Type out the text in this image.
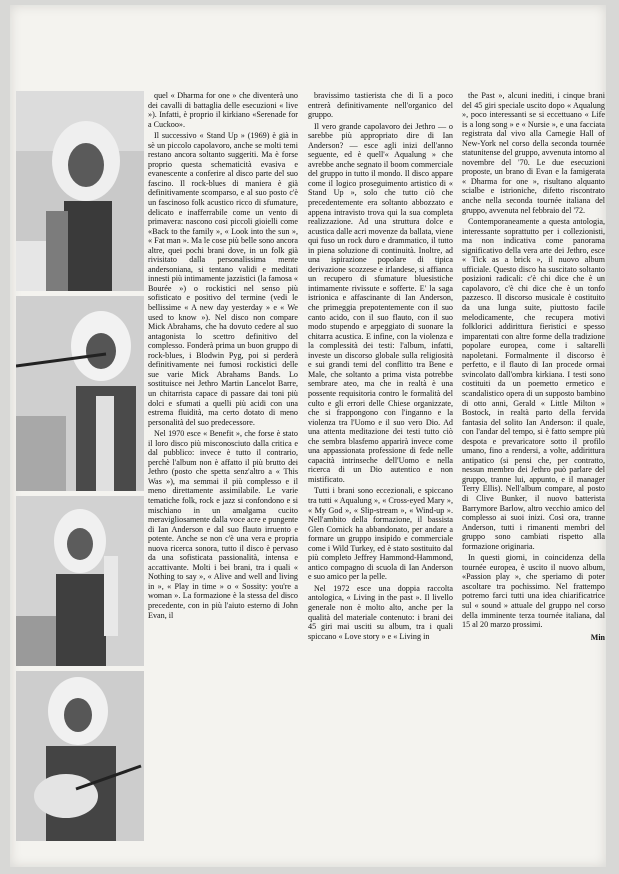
quel « Dharma for one » che diventerà uno dei cavalli di battaglia delle esecuzioni « live »). Infatti, è proprio il kirkiano «Serenade for a Cuckoo».

Il successivo « Stand Up » (1969) è già in sè un piccolo capolavoro, anche se molti temi restano ancora soltanto suggeriti. Ma è forse proprio questa schematicità evasiva e evanescente a conferire al disco parte del suo fascino. Il rock-blues di maniera è già definitivamente scomparso, e al suo posto c'è un fascinoso folk acustico ricco di sfumature, delicato e inafferrabile come un vento di primavera: nascono così piccoli gioielli come «Back to the family », « Look into the sun », « Fat man ». Ma le cose più belle sono ancora altre, quei pochi brani dove, in un folk già rivisitato dalla personalissima mente andersoniana, si tentano validi e meditati innesti più intimamente jazzistici (la famosa « Bourée ») o rockistici nel senso più sofisticato e positivo del termine (vedi le bellissime « A new day yesterday » e « We used to know »). Nel disco non compare Mick Abrahams, che ha dovuto cedere al suo antagonista lo scettro definitivo del complesso. Fonderà prima un buon gruppo di rock-blues, i Blodwin Pyg, poi si perderà definitivamente nei fumosi rockistici delle sue varie Mick Abrahams Bands. Lo sostituisce nei Jethro Martin Lancelot Barre, un chitarrista capace di passare dai toni più dolci e sfumati a quelli più acidi con una estrema fluidità, ma certo dotato di meno personalità del suo predecessore.

Nel 1970 esce « Benefit », che forse è stato il loro disco più misconosciuto dalla critica e dal pubblico: invece è tutto il contrario, perchè l'album non è affatto il più brutto dei Jethro (posto che spetta senz'altro a « This Was »), ma semmai il più complesso e il meno direttamente assimilabile. Le varie tematiche folk, rock e jazz si confondono e si mischiano in un amalgama cucito meravigliosamente dalla voce acre e pungente di Ian Anderson e dal suo flauto irruento e potente. Anche se non c'è una vera e propria nuova ricerca sonora, tutto il disco è pervaso da una sofisticata passionalità, intensa e accattivante. Molti i bei brani, tra i quali « Nothing to say », « Alive and well and living in », « Play in time » o « Sossity: you're a woman ». La formazione è la stessa del disco precedente, con in più l'aiuto esterno di John Evan, il

bravissimo tastierista che di lì a poco entrerà definitivamente nell'organico del gruppo.

Il vero grande capolavoro dei Jethro — o sarebbe più appropriato dire di Ian Anderson? — esce agli inizi dell'anno seguente, ed è quell'« Aqualung » che avrebbe anche segnato il boom commerciale del gruppo in tutto il mondo. Il disco appare come il logico proseguimento artistico di « Stand Up », solo che tutto ciò che precedentemente era soltanto abbozzato e appena intravisto trova qui la sua completa realizzazione. Ad una struttura dolce e acustica dalle acri movenze da ballata, viene qui fuso un rock duro e drammatico, il tutto in piena soluzione di continuità. Inoltre, ad una ispirazione popolare di tipica derivazione scozzese e irlandese, si affianca un recupero di sfumature bluesistiche intimamente rivissute e sofferte. E' la saga istrionica e affascinante di Ian Anderson, che primeggia prepotentemente con il suo canto acido, con il suo flauto, con il suo modo stupendo e arpeggiato di suonare la chitarra acustica. E infine, con la violenza e la complessità dei testi: l'album, infatti, investe un discorso globale sulla religiosità e sui grandi temi del conflitto tra Bene e Male, che soltanto a prima vista potrebbe sembrare ateo, ma che in realtà è una possente requisitoria contro le formalità del culto e gli errori delle Chiese organizzate, che si frappongono con l'inganno e la violenza tra l'Uomo e il suo vero Dio. Ad una attenta meditazione dei testi tutto ciò che sembra blasfemo apparirà invece come una appassionata professione di fede nelle capacità intrinseche dell'Uomo e nella ricerca di un Dio autentico e non mistificato.

Tutti i brani sono eccezionali, e spiccano tra tutti « Aqualung », « Cross-eyed Mary », « My God », « Slip-stream », « Wind-up ». Nell'ambito della formazione, il bassista Glen Cornick ha abbandonato, per andare a formare un gruppo insipido e commerciale come i Wild Turkey, ed è stato sostituito dal più completo Jeffrey Hammond-Hammond, antico compagno di scuola di Ian Anderson e suo amico per la pelle.

Nel 1972 esce una doppia raccolta antologica, « Living in the past ». Il livello generale non è molto alto, anche per la qualità del materiale contenuto: i brani dei 45 giri mai usciti su album, tra i quali spiccano « Love story » e « Living in

the Past », alcuni inediti, i cinque brani del 45 giri speciale uscito dopo « Aqualung », poco interessanti se si eccettuano « Life is a long song » e « Nursie », e una facciata registrata dal vivo alla Carnegie Hall of New-York nel corso della seconda tournée statunitense del gruppo, avvenuta intorno al novembre del '70. Le due esecuzioni proposte, un brano di Evan e la famigerata « Dharma for one », risultano alquanto scialbe e istrioniche, difetto riscontrato anche nella seconda tournée italiana del gruppo, avvenuta nel febbraio del '72.

Contemporaneamente a questa antologia, interessante soprattutto per i collezionisti, ma non indicativa come panorama significativo della vera arte dei Jethro, esce « Tick as a brick », il nuovo album ufficiale. Questo disco ha suscitato soltanto posizioni radicali: c'è chi dice che è un capolavoro, c'è chi dice che è un tonfo pazzesco. Il discorso musicale è costituito da una lunga suite, piuttosto facile melodicamente, che recupera motivi folklorici addirittura fieristici e spesso imparentati con altre forme della tradizione popolare europea, come i saltarelli napoletani. Formalmente il discorso è perfetto, e il flauto di Ian procede ormai svincolato dall'ombra kirkiana. I testi sono costituiti da un poemetto ermetico e scandalistico opera di un supposto bambino di otto anni, Gerald « Little Milton » Bostock, in realtà parto della fervida fantasia del solito Ian Anderson: il quale, con l'andar del tempo, si è fatto sempre più despota e prevaricatore sotto il profilo umano, fino a rendersi, a volte, addirittura antipatico (si pensi che, per contratto, nessun membro dei Jethro può parlare del gruppo, tranne lui, appunto, e il manager Terry Ellis). Nell'album compare, al posto di Clive Bunker, il nuovo batterista Barrymore Barlow, altro vecchio amico del complesso ai suoi inizi. Così ora, tranne Anderson, tutti i rimanenti membri del gruppo sono cambiati rispetto alla formazione originaria.

In questi giorni, in coincidenza della tournée europea, è uscito il nuovo album, «Passion play », che speriamo di poter ascoltare tra pochissimo. Nel frattempo potremo farci tutti una idea chiarificatrice sul « sound » attuale del gruppo nel corso della imminente terza tournée italiana, dal 15 al 20 marzo prossimi.

Min
